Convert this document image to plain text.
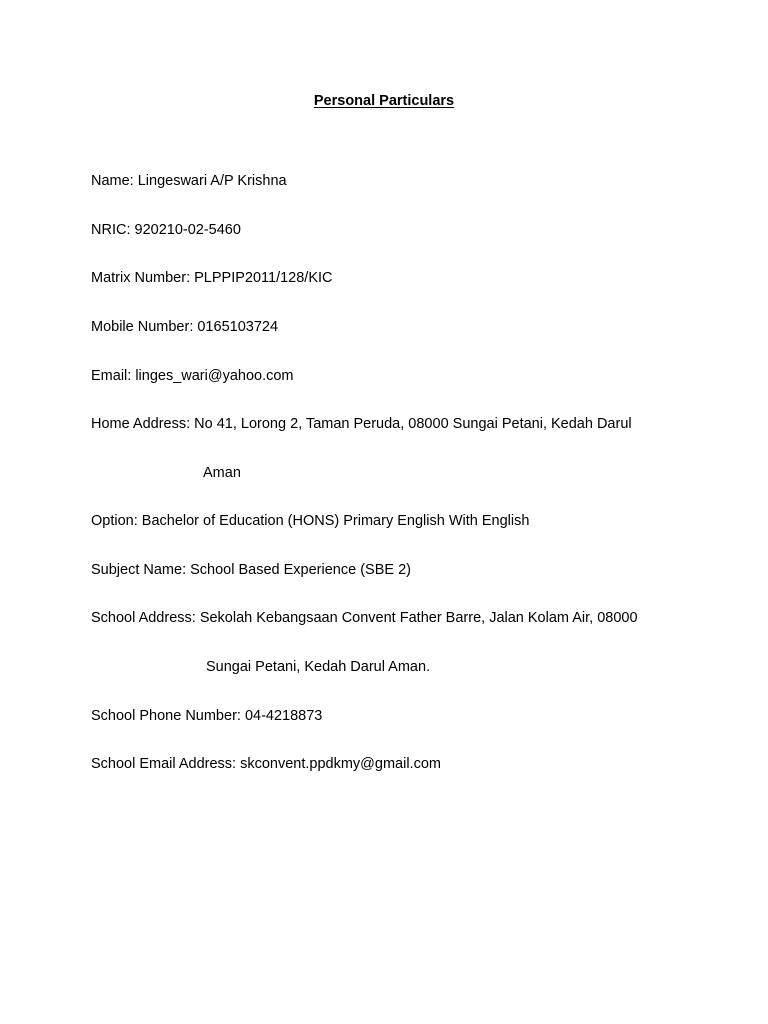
Personal Particulars
Name: Lingeswari A/P Krishna
NRIC: 920210-02-5460
Matrix Number: PLPPIP2011/128/KIC
Mobile Number: 0165103724
Email: linges_wari@yahoo.com
Home Address: No 41, Lorong 2, Taman Peruda, 08000 Sungai Petani, Kedah Darul
Aman
Option: Bachelor of Education (HONS) Primary English With English
Subject Name: School Based Experience (SBE 2)
School Address: Sekolah Kebangsaan Convent Father Barre, Jalan Kolam Air, 08000
Sungai Petani, Kedah Darul Aman.
School Phone Number: 04-4218873
School Email Address: skconvent.ppdkmy@gmail.com
